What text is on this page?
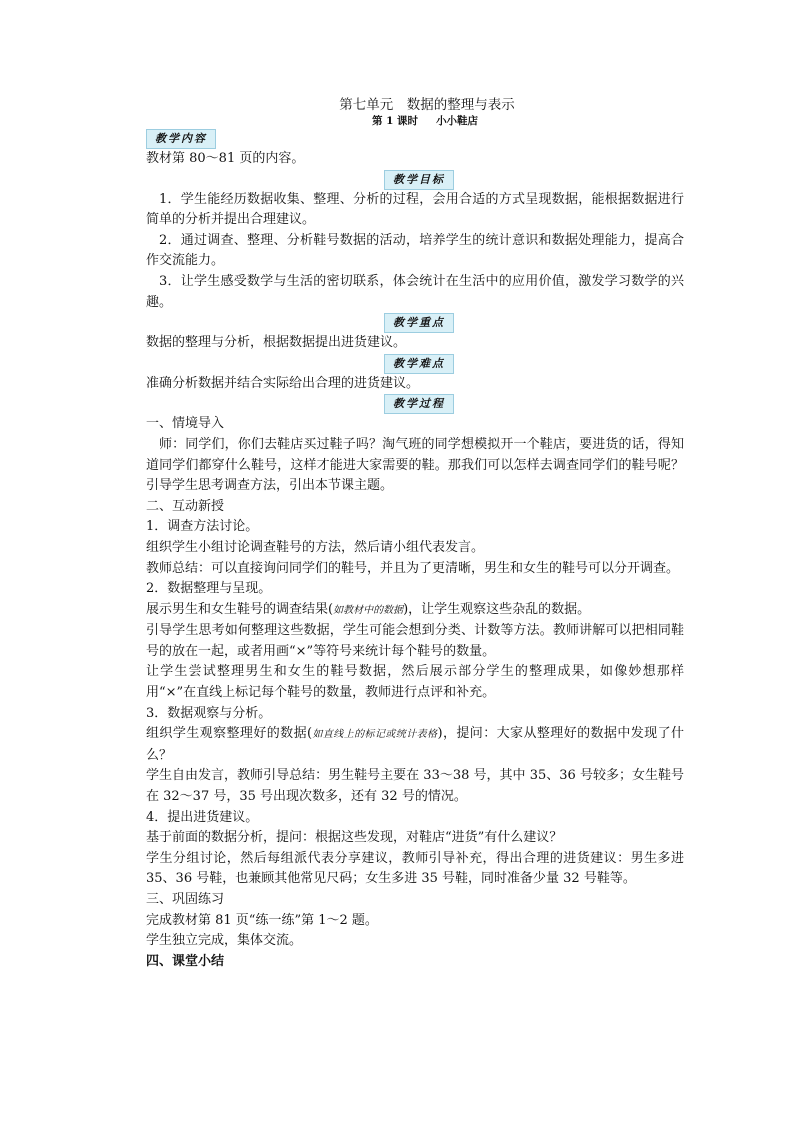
第七单元　数据的整理与表示
第 1 课时 小小鞋店
教学内容

教材第 80～81 页的内容。

教学目标

1．学生能经历数据收集、整理、分析的过程，会用合适的方式呈现数据，能根据数据进行简单的分析并提出合理建议。

2．通过调查、整理、分析鞋号数据的活动，培养学生的统计意识和数据处理能力，提高合作交流能力。

3．让学生感受数学与生活的密切联系，体会统计在生活中的应用价值，激发学习数学的兴趣。

教学重点

数据的整理与分析，根据数据提出进货建议。

教学难点

准确分析数据并结合实际给出合理的进货建议。

教学过程

一、情境导入

师：同学们，你们去鞋店买过鞋子吗？淘气班的同学想模拟开一个鞋店，要进货的话，得知道同学们都穿什么鞋号，这样才能进大家需要的鞋。那我们可以怎样去调查同学们的鞋号呢？ 引导学生思考调查方法，引出本节课主题。

二、互动新授

1．调查方法讨论。

组织学生小组讨论调查鞋号的方法，然后请小组代表发言。

教师总结：可以直接询问同学们的鞋号，并且为了更清晰，男生和女生的鞋号可以分开调查。

2．数据整理与呈现。

展示男生和女生鞋号的调查结果(如教材中的数据)，让学生观察这些杂乱的数据。

引导学生思考如何整理这些数据，学生可能会想到分类、计数等方法。教师讲解可以把相同鞋号的放在一起，或者用画“×”等符号来统计每个鞋号的数量。

让学生尝试整理男生和女生的鞋号数据，然后展示部分学生的整理成果，如像妙想那样用“×”在直线上标记每个鞋号的数量，教师进行点评和补充。

3．数据观察与分析。

组织学生观察整理好的数据(如直线上的标记或统计表格)，提问：大家从整理好的数据中发现了什么？

学生自由发言，教师引导总结：男生鞋号主要在 33～38 号，其中 35、36 号较多；女生鞋号在 32～37 号，35 号出现次数多，还有 32 号的情况。

4．提出进货建议。

基于前面的数据分析，提问：根据这些发现，对鞋店“进货”有什么建议？

学生分组讨论，然后每组派代表分享建议，教师引导补充，得出合理的进货建议：男生多进 35、36 号鞋，也兼顾其他常见尺码；女生多进 35 号鞋，同时准备少量 32 号鞋等。

三、巩固练习

完成教材第 81 页“练一练”第 1～2 题。

学生独立完成，集体交流。

四、课堂小结
